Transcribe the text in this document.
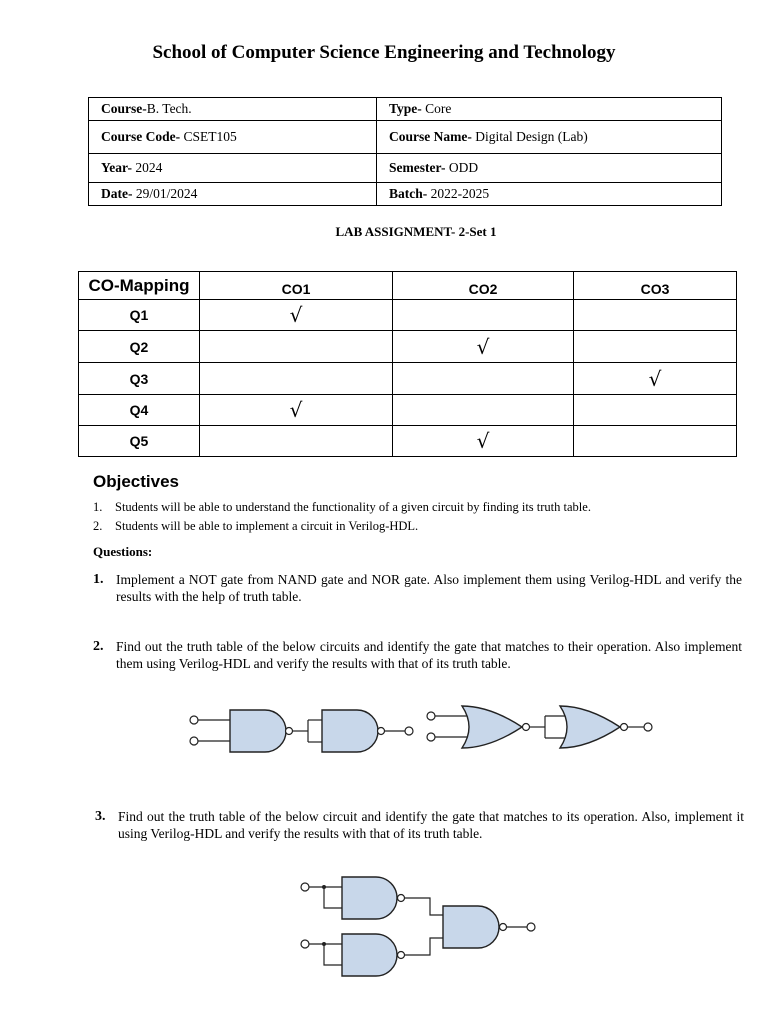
School of Computer Science Engineering and Technology
Course-B. Tech.	Type- Core
Course Code- CSET105	Course Name- Digital Design (Lab)
Year- 2024	Semester- ODD
Date- 29/01/2024	Batch- 2022-2025
LAB ASSIGNMENT- 2-Set 1
CO-Mapping	CO1	CO2	CO3
Q1	√		
Q2		√	
Q3			√
Q4	√		
Q5		√	
Objectives
1. Students will be able to understand the functionality of a given circuit by finding its truth table.
2. Students will be able to implement a circuit in Verilog-HDL.
Questions:
1. Implement a NOT gate from NAND gate and NOR gate. Also implement them using Verilog-HDL and verify the results with the help of truth table.
2. Find out the truth table of the below circuits and identify the gate that matches to their operation. Also implement them using Verilog-HDL and verify the results with that of its truth table.
3. Find out the truth table of the below circuit and identify the gate that matches to its operation. Also, implement it using Verilog-HDL and verify the results with that of its truth table.
